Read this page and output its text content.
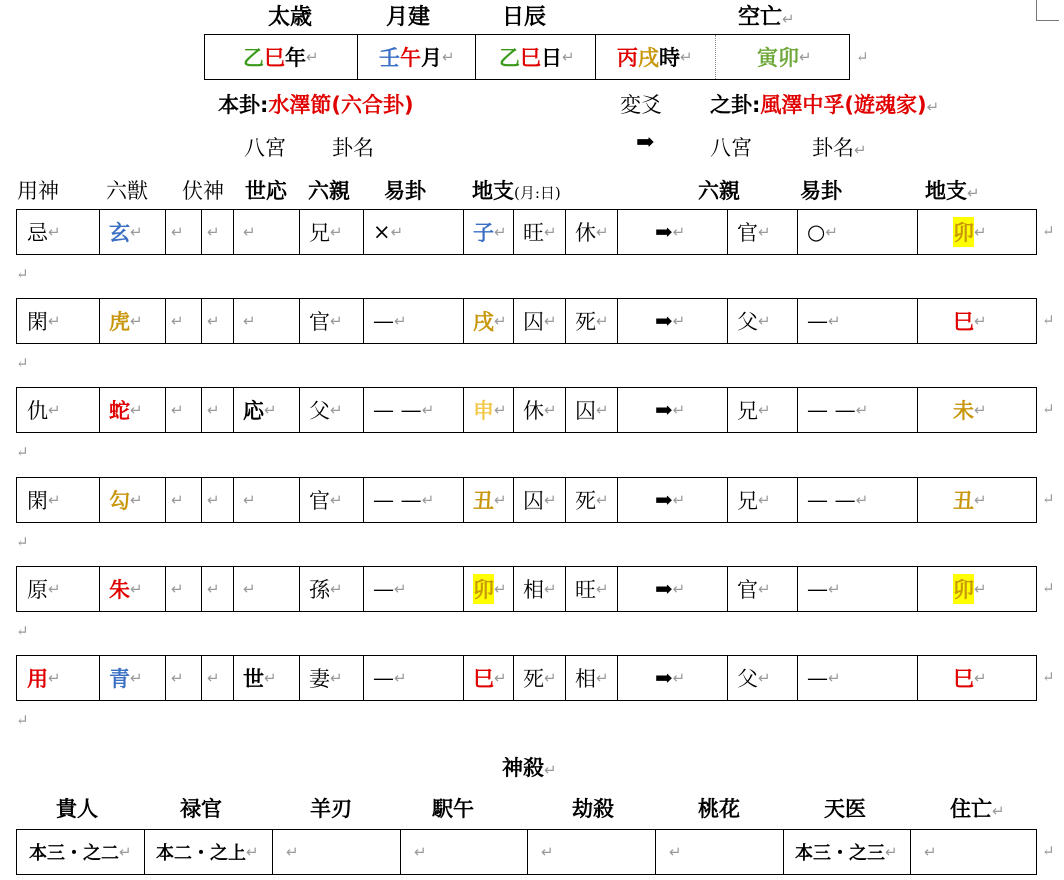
太歳	月建	日辰	空亡↵
乙 巳 年 ↵	壬 午 月 ↵ 乙 巳 日 ↵ 丙 戌 時 ↵	寅卯 ↵	↵
本卦:水澤節(六合卦)	変爻 之卦:風澤中孚(遊魂家)↵
八宮 卦名	➡	八宮	卦名↵
用神 六獣 伏神 世応 六親 易卦 地支(月:日)	六親	易卦	地支↵
忌 ↵ 玄 ↵ ↵ ↵ ↵	兄 ↵ × ↵	子 ↵ 旺 ↵ 休 ↵ ➡ ↵ 官 ↵ ○ ↵	卯 ↵	↵
↵
閑 ↵ 虎 ↵ ↵ ↵ ↵	官 ↵ — ↵	戌 ↵ 囚 ↵ 死 ↵ ➡ ↵ 父 ↵ — ↵	巳 ↵	↵
↵
仇 ↵ 蛇 ↵ ↵ ↵ 応 ↵ 父 ↵ — — ↵ 申 ↵ 休 ↵ 囚 ↵ ➡ ↵ 兄 ↵ — — ↵	未 ↵	↵
↵
閑 ↵ 勾 ↵ ↵ ↵ ↵	官 ↵ — — ↵ 丑 ↵ 囚 ↵ 死 ↵ ➡ ↵ 兄 ↵ — — ↵	丑 ↵	↵
↵
原 ↵ 朱 ↵ ↵ ↵ ↵	孫 ↵ — ↵	卯 ↵ 相 ↵ 旺 ↵ ➡ ↵ 官 ↵ — ↵	卯 ↵	↵
↵
用 ↵ 青 ↵ ↵ ↵ 世 ↵ 妻 ↵ — ↵	巳 ↵ 死 ↵ 相 ↵ ➡ ↵ 父 ↵ — ↵	巳 ↵	↵
↵
神殺↵
貴人	禄官	羊刃	駅午	劫殺	桃花	天医	住亡↵
本三・之二 ↵ 本二・之上 ↵ ↵	↵	↵	↵	本三・之三 ↵ ↵	↵
